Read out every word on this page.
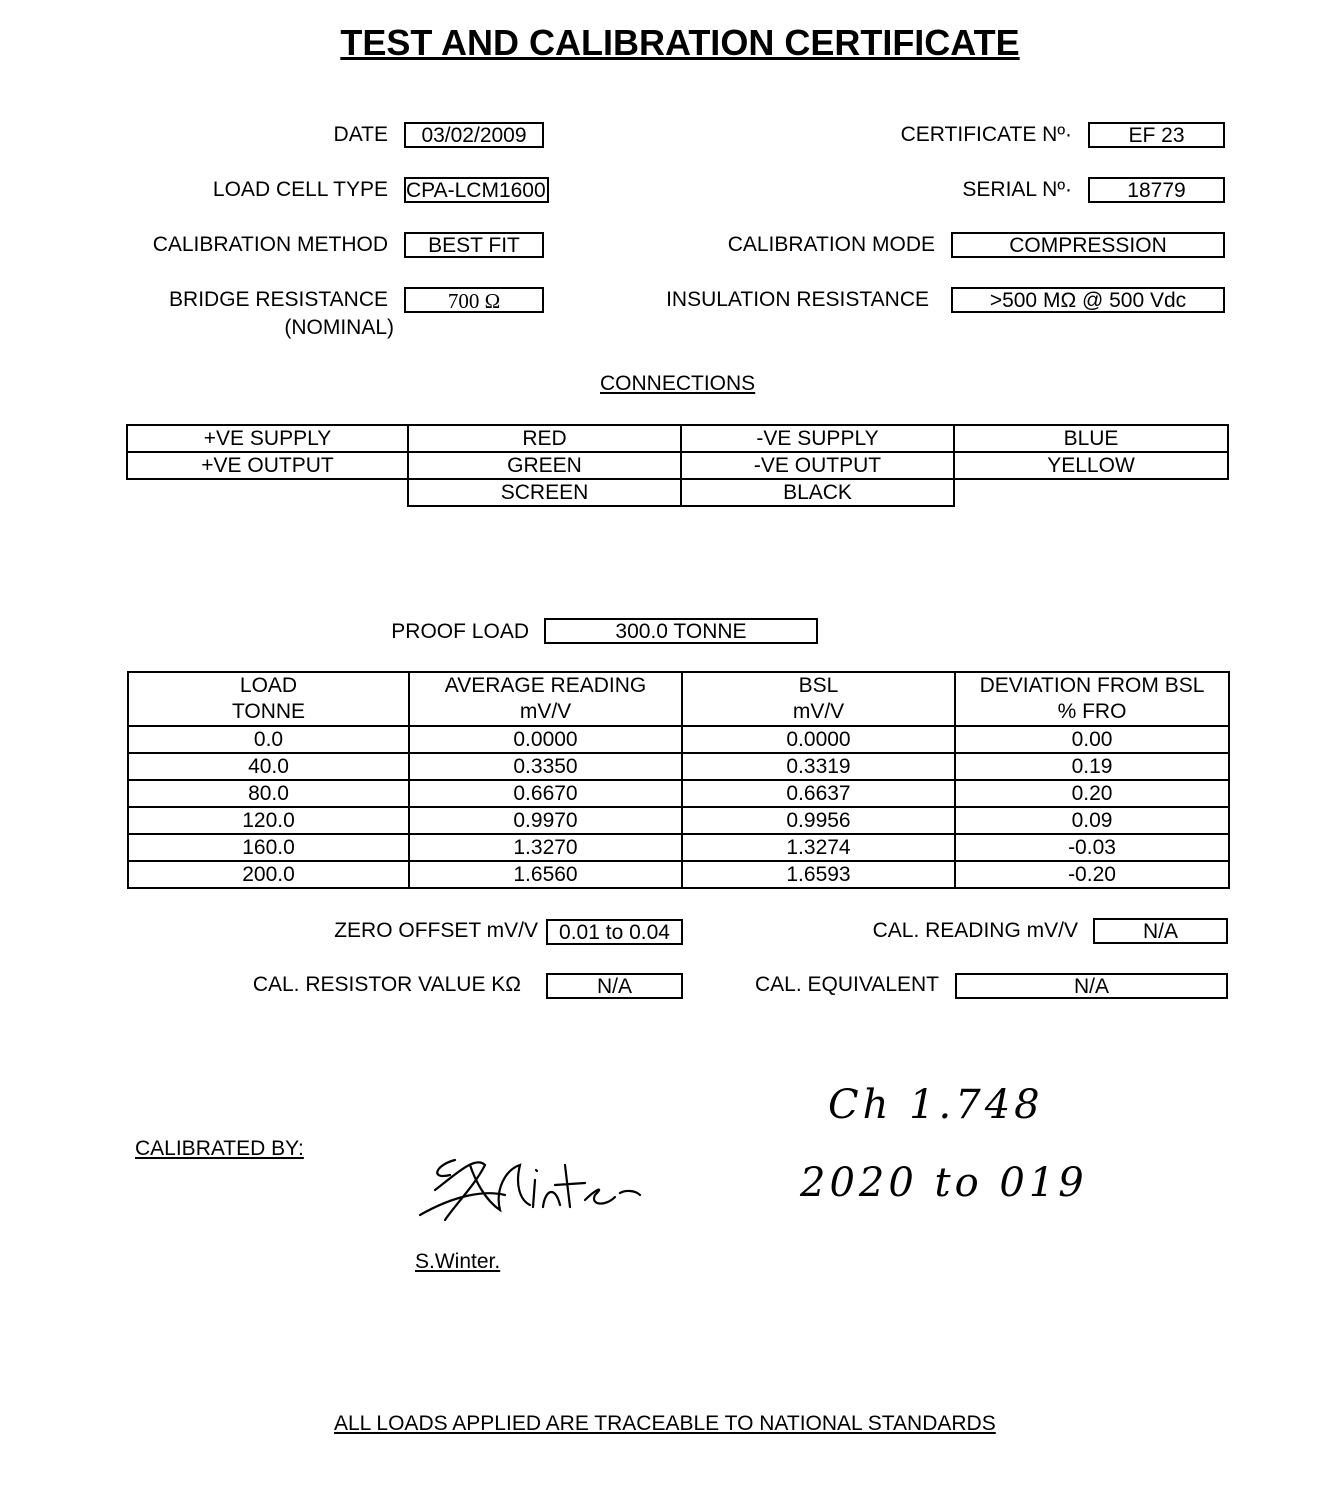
TEST AND CALIBRATION CERTIFICATE
DATE	03/02/2009
LOAD CELL TYPE CPA-LCM1600
CALIBRATION METHOD	BEST FIT
BRIDGE RESISTANCE
(NOMINAL)
700 Ω
CERTIFICATE Nº·	EF 23
SERIAL Nº·	18779
CALIBRATION MODE	COMPRESSION
INSULATION RESISTANCE	>500 MΩ @ 500 Vdc
CONNECTIONS
+VE SUPPLY	RED	-VE SUPPLY	BLUE
+VE OUTPUT	GREEN	-VE OUTPUT	YELLOW
	SCREEN	BLACK	
PROOF LOAD	300.0 TONNE
LOAD	AVERAGE READING	BSL	DEVIATION FROM BSL
TONNE	mV/V	mV/V	% FRO
0.0	0.0000	0.0000	0.00
40.0	0.3350	0.3319	0.19
80.0	0.6670	0.6637	0.20
120.0	0.9970	0.9956	0.09
160.0	1.3270	1.3274	-0.03
200.0	1.6560	1.6593	-0.20
ZERO OFFSET mV/V	0.01 to 0.04	CAL. READING mV/V	N/A
CAL. RESISTOR VALUE KΩ	N/A	CAL. EQUIVALENT	N/A
CALIBRATED BY:
S.Winter.
Ch 1.748
2020 to 019
ALL LOADS APPLIED ARE TRACEABLE TO NATIONAL STANDARDS
